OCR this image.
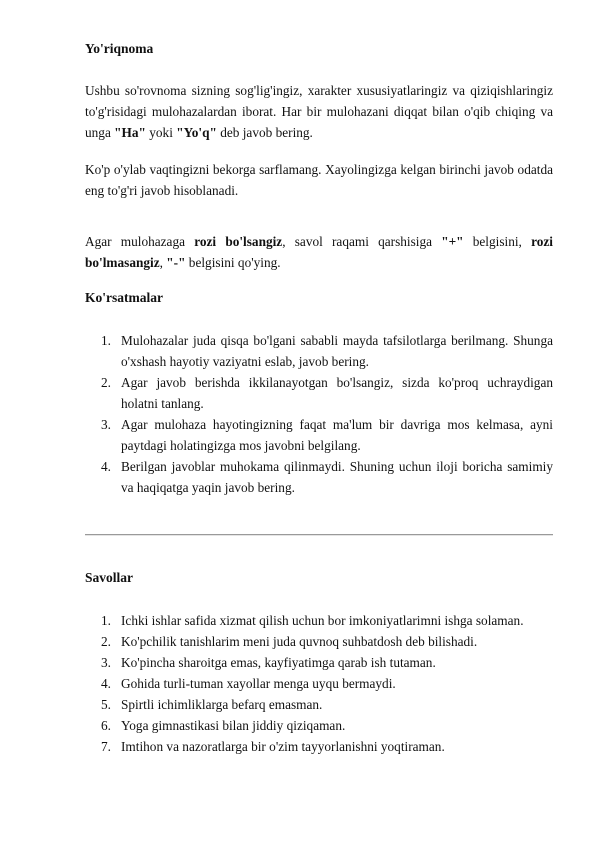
Yo'riqnoma

Ushbu so'rovnoma sizning sog'lig'ingiz, xarakter xususiyatlaringiz va qiziqishlaringiz to'g'risidagi mulohazalardan iborat. Har bir mulohazani diqqat bilan o'qib chiqing va unga "Ha" yoki "Yo'q" deb javob bering.

Ko'p o'ylab vaqtingizni bekorga sarflamang. Xayolingizga kelgan birinchi javob odatda eng to'g'ri javob hisoblanadi.

Agar mulohazaga rozi bo'lsangiz, savol raqami qarshisiga "+" belgisini, rozi bo'lmasangiz, "-" belgisini qo'ying.

Ko'rsatmalar
1. Mulohazalar juda qisqa bo'lgani sababli mayda tafsilotlarga berilmang. Shunga o'xshash hayotiy vaziyatni eslab, javob bering.
2. Agar javob berishda ikkilanayotgan bo'lsangiz, sizda ko'proq uchraydigan holatni tanlang.
3. Agar mulohaza hayotingizning faqat ma'lum bir davriga mos kelmasa, ayni paytdagi holatingizga mos javobni belgilang.
4. Berilgan javoblar muhokama qilinmaydi. Shuning uchun iloji boricha samimiy va haqiqatga yaqin javob bering.
Savollar
1. Ichki ishlar safida xizmat qilish uchun bor imkoniyatlarimni ishga solaman.
2. Ko'pchilik tanishlarim meni juda quvnoq suhbatdosh deb bilishadi.
3. Ko'pincha sharoitga emas, kayfiyatimga qarab ish tutaman.
4. Gohida turli-tuman xayollar menga uyqu bermaydi.
5. Spirtli ichimliklarga befarq emasman.
6. Yoga gimnastikasi bilan jiddiy qiziqaman.
7. Imtihon va nazoratlarga bir o'zim tayyorlanishni yoqtiraman.
